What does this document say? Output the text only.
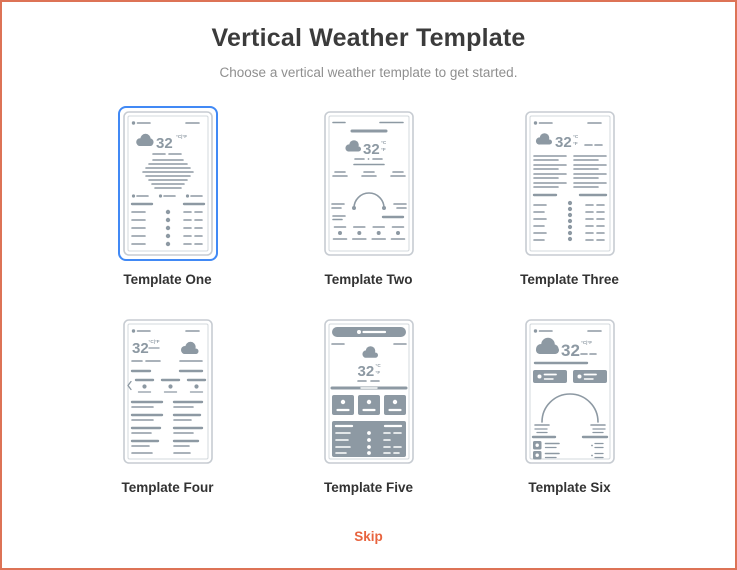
Vertical Weather Template
Choose a vertical weather template to get started.
32 °C|°F
Template One
32 °C
°F
Template Two
32 °C
°F
Template Three
32 °C|°F
Template Four
32 °C
°F
Template Five
32 °C|°F
Template Six
Skip
